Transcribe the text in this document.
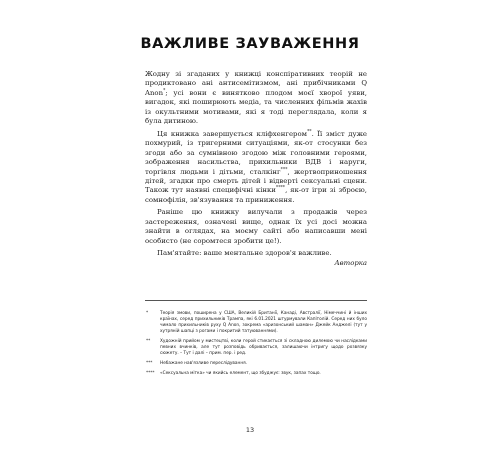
ВАЖЛИВЕ ЗАУВАЖЕННЯ

Жодну зі згаданих у книжці конспіративних теорій не продиктовано ані антисемітизмом, ані прибічниками Q Anon*; усі вони є винятково плодом моєї хворої уяви, вигадок, які поширюють медіа, та численних фільмів жахів із окультними мотивами, які я тоді переглядала, коли я була дитиною.

Ця книжка завершується клiфхенгером**. Її зміст дуже похмурий, із тригерними ситуаціями, як-от стосунки без згоди або за сумнівною згодою між головними героями, зображення насильства, прихильники ВДВ і наруги, торгівля людьми і дітьми, сталкінг***, жертвоприношення дітей, згадки про смерть дітей і відверті сексуальні сцени. Також тут наявні специфічні кінки****, як-от ігри зі зброєю, сомнофілія, зв'язування та приниження.

Раніше цю книжку вилучали з продажів через застереження, означені вище, однак їх усі досі можна знайти в оглядах, на моєму сайті або написавши мені особисто (не соромтеся зробити це!).

Пам'ятайте: ваше ментальне здоров'я важливе.

Авторка
*	Теорія змови, поширена у США, Великій Британії, Канаді, Австралії, Німеччині й інших країнах, серед прихильників Трампа, які 6.01.2021 штурмували Капітолій. Серед них було чимало прихильників руху Q Anon, зокрема «аризонський шаман» Джейк Анджелі (тут у хутряній шапці з рогами і покритий татуюваннями).
**	Художній прийом у мистецтві, коли герой стикається зі складною дилемою чи наслідками певних вчинків, але тут розповідь обривається, залишаючи інтригу щодо розвязку сюжету. – Тут і далі – прим. пер. і ред.
***	Небажане нав'язливе переслідування.
****	«Сексуальна мітка» чи якийсь елемент, що збуджує: звук, запах тощо.
13
